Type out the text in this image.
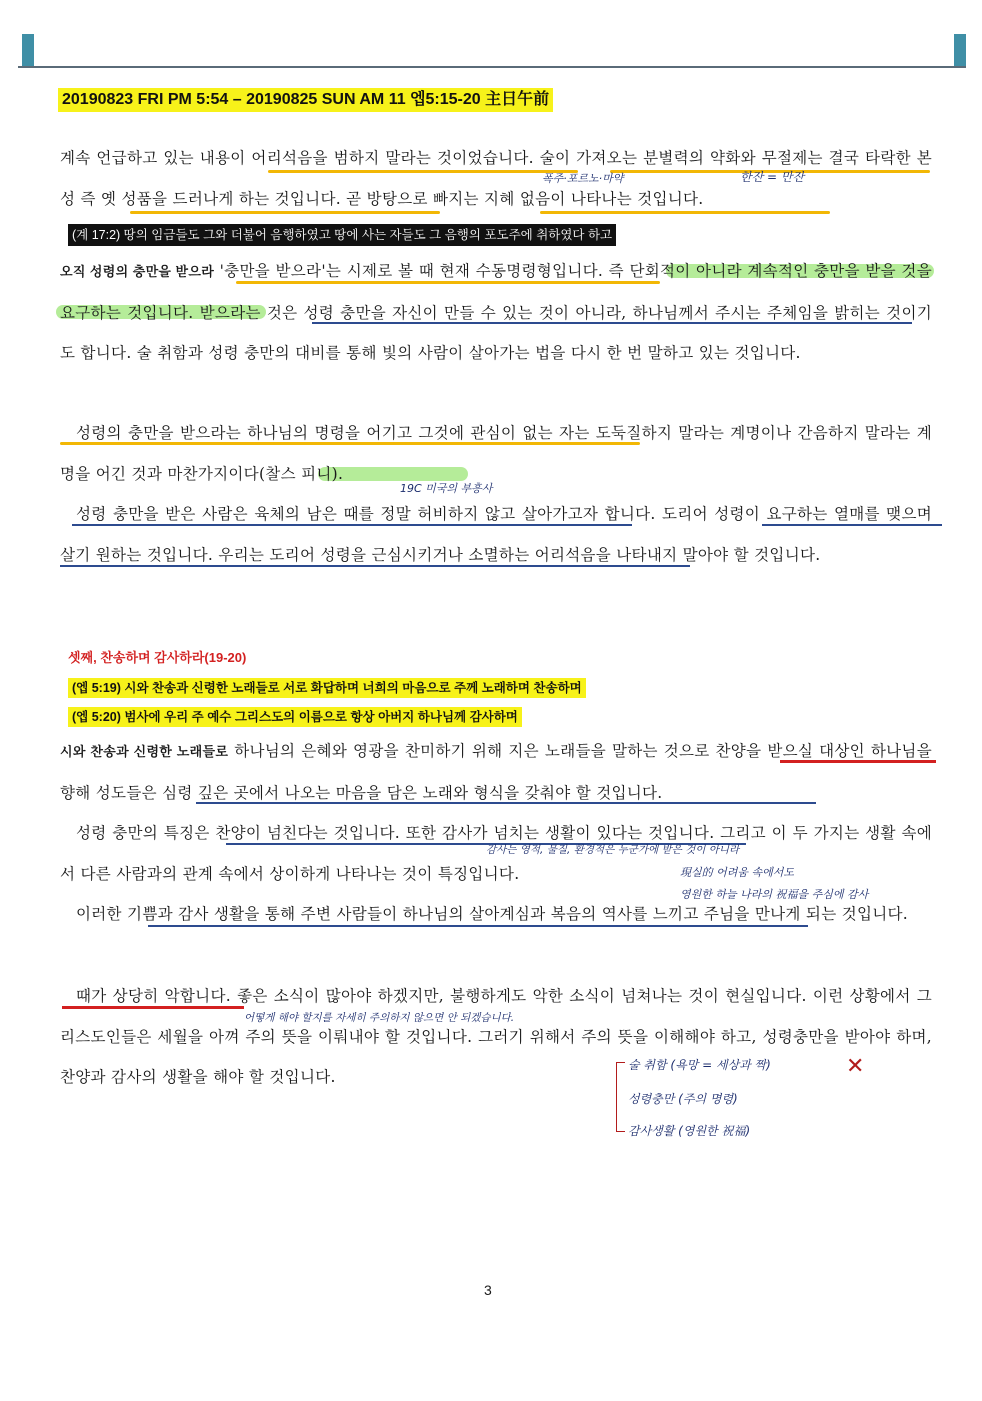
20190823 FRI PM 5:54 – 20190825 SUN AM 11 엡5:15-20 主日午前
계속 언급하고 있는 내용이 어리석음을 범하지 말라는 것이었습니다. 술이 가져오는 분별력의 약화와 무절제는 결국 타락한 본성 즉 옛 성품을 드러나게 하는 것입니다. 곧 방탕으로 빠지는 지혜 없음이 나타나는 것입니다.
(계 17:2) 땅의 임금들도 그와 더불어 음행하였고 땅에 사는 자들도 그 음행의 포도주에 취하였다 하고
오직 성령의 충만을 받으라 '충만을 받으라'는 시제로 볼 때 현재 수동명령형입니다. 즉 단회적이 아니라 계속적인 충만을 받을 것을 요구하는 것입니다. 받으라는 것은 성령 충만을 자신이 만들 수 있는 것이 아니라, 하나님께서 주시는 주체임을 밝히는 것이기도 합니다. 술 취함과 성령 충만의 대비를 통해 빛의 사람이 살아가는 법을 다시 한 번 말하고 있는 것입니다.
성령의 충만을 받으라는 하나님의 명령을 어기고 그것에 관심이 없는 자는 도둑질하지 말라는 계명이나 간음하지 말라는 계명을 어긴 것과 마찬가지이다(찰스 피니).
성령 충만을 받은 사람은 육체의 남은 때를 정말 허비하지 않고 살아가고자 합니다. 도리어 성령이 요구하는 열매를 맺으며 살기 원하는 것입니다. 우리는 도리어 성령을 근심시키거나 소멸하는 어리석음을 나타내지 말아야 할 것입니다.
셋째, 찬송하며 감사하라(19-20)
(엡 5:19) 시와 찬송과 신령한 노래들로 서로 화답하며 너희의 마음으로 주께 노래하며 찬송하며
(엡 5:20) 범사에 우리 주 예수 그리스도의 이름으로 항상 아버지 하나님께 감사하며
시와 찬송과 신령한 노래들로 하나님의 은혜와 영광을 찬미하기 위해 지은 노래들을 말하는 것으로 찬양을 받으실 대상인 하나님을 향해 성도들은 심령 깊은 곳에서 나오는 마음을 담은 노래와 형식을 갖춰야 할 것입니다.
성령 충만의 특징은 찬양이 넘친다는 것입니다. 또한 감사가 넘치는 생활이 있다는 것입니다. 그리고 이 두 가지는 생활 속에서 다른 사람과의 관계 속에서 상이하게 나타나는 것이 특징입니다.
이러한 기쁨과 감사 생활을 통해 주변 사람들이 하나님의 살아계심과 복음의 역사를 느끼고 주님을 만나게 되는 것입니다.
때가 상당히 악합니다. 좋은 소식이 많아야 하겠지만, 불행하게도 악한 소식이 넘쳐나는 것이 현실입니다. 이런 상황에서 그리스도인들은 세월을 아껴 주의 뜻을 이뤄내야 할 것입니다. 그러기 위해서 주의 뜻을 이해해야 하고, 성령충만을 받아야 하며, 찬양과 감사의 생활을 해야 할 것입니다.
폭주·포르노·마약	한잔 = 만잔
19C 미국의 부흥사
감사는 영적, 물질, 환경적은 누군가에 받은 것이 아니라
現실的 어려움 속에서도
영원한 하늘 나라의 祝福을 주심에 감사
어떻게 해야 할지를 자세히 주의하지 않으면 안 되겠습니다.
술 취함 (욕망 = 세상과 짝)	✕
성령충만 (주의 명령)
감사생활 (영원한 祝福)
3
